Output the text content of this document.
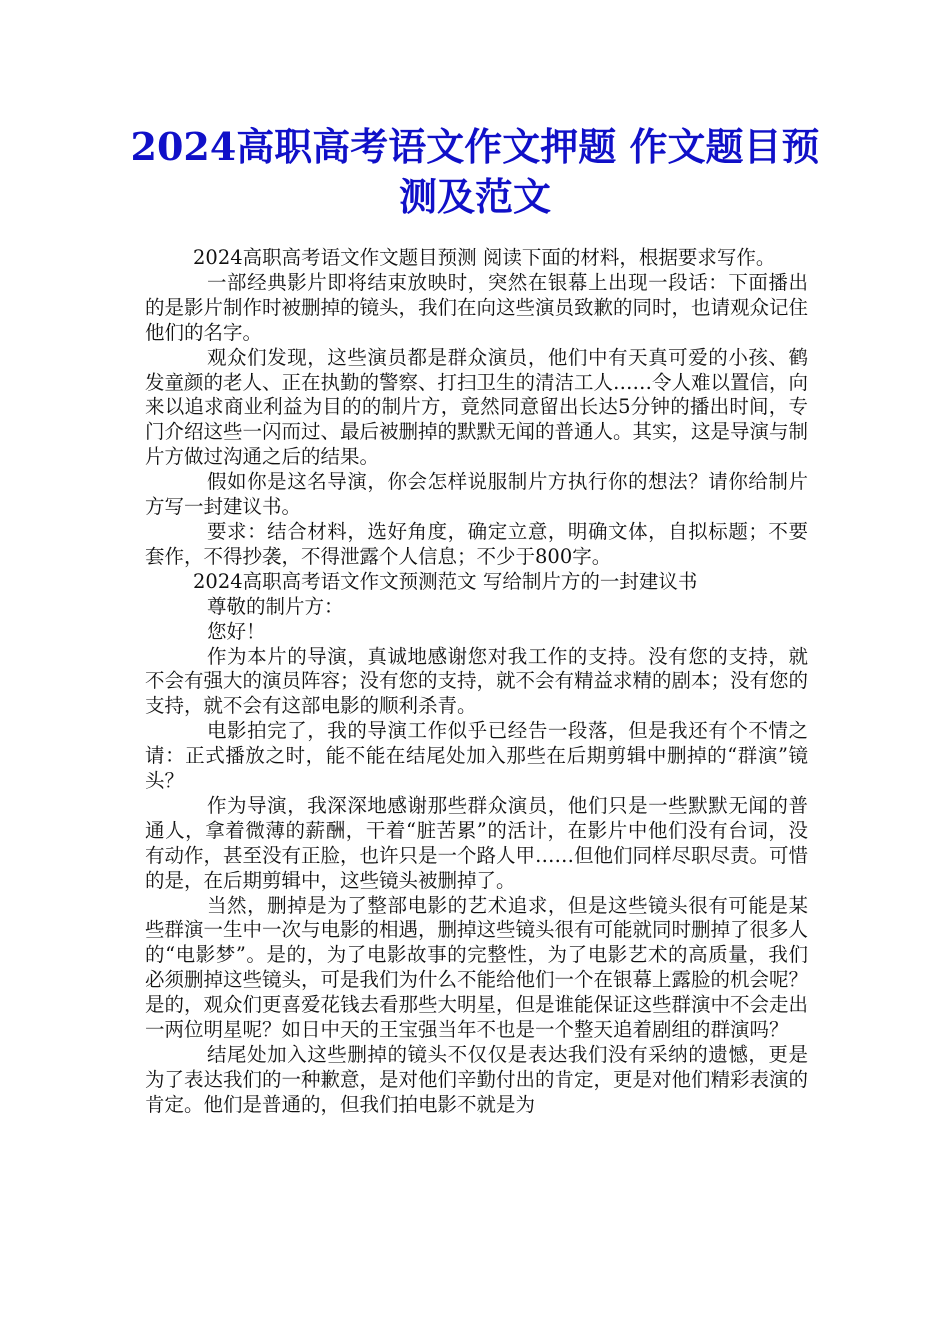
2024高职高考语文作文押题 作文题目预测及范文

2024高职高考语文作文题目预测 阅读下面的材料，根据要求写作。

一部经典影片即将结束放映时，突然在银幕上出现一段话：下面播出的是影片制作时被删掉的镜头，我们在向这些演员致歉的同时，也请观众记住他们的名字。

观众们发现，这些演员都是群众演员，他们中有天真可爱的小孩、鹤发童颜的老人、正在执勤的警察、打扫卫生的清洁工人……令人难以置信，向来以追求商业利益为目的的制片方，竟然同意留出长达5分钟的播出时间，专门介绍这些一闪而过、最后被删掉的默默无闻的普通人。其实，这是导演与制片方做过沟通之后的结果。

假如你是这名导演，你会怎样说服制片方执行你的想法？请你给制片方写一封建议书。

要求：结合材料，选好角度，确定立意，明确文体，自拟标题；不要套作，不得抄袭，不得泄露个人信息；不少于800字。

2024高职高考语文作文预测范文 写给制片方的一封建议书

尊敬的制片方：

您好！

作为本片的导演，真诚地感谢您对我工作的支持。没有您的支持，就不会有强大的演员阵容；没有您的支持，就不会有精益求精的剧本；没有您的支持，就不会有这部电影的顺利杀青。

电影拍完了，我的导演工作似乎已经告一段落，但是我还有个不情之请：正式播放之时，能不能在结尾处加入那些在后期剪辑中删掉的“群演”镜头？

作为导演，我深深地感谢那些群众演员，他们只是一些默默无闻的普通人，拿着微薄的薪酬，干着“脏苦累”的活计，在影片中他们没有台词，没有动作，甚至没有正脸，也许只是一个路人甲……但他们同样尽职尽责。可惜的是，在后期剪辑中，这些镜头被删掉了。

当然，删掉是为了整部电影的艺术追求，但是这些镜头很有可能是某些群演一生中一次与电影的相遇，删掉这些镜头很有可能就同时删掉了很多人的“电影梦”。是的，为了电影故事的完整性，为了电影艺术的高质量，我们必须删掉这些镜头，可是我们为什么不能给他们一个在银幕上露脸的机会呢？是的，观众们更喜爱花钱去看那些大明星，但是谁能保证这些群演中不会走出一两位明星呢？如日中天的王宝强当年不也是一个整天追着剧组的群演吗？

结尾处加入这些删掉的镜头不仅仅是表达我们没有采纳的遗憾，更是为了表达我们的一种歉意，是对他们辛勤付出的肯定，更是对他们精彩表演的肯定。他们是普通的，但我们拍电影不就是为
